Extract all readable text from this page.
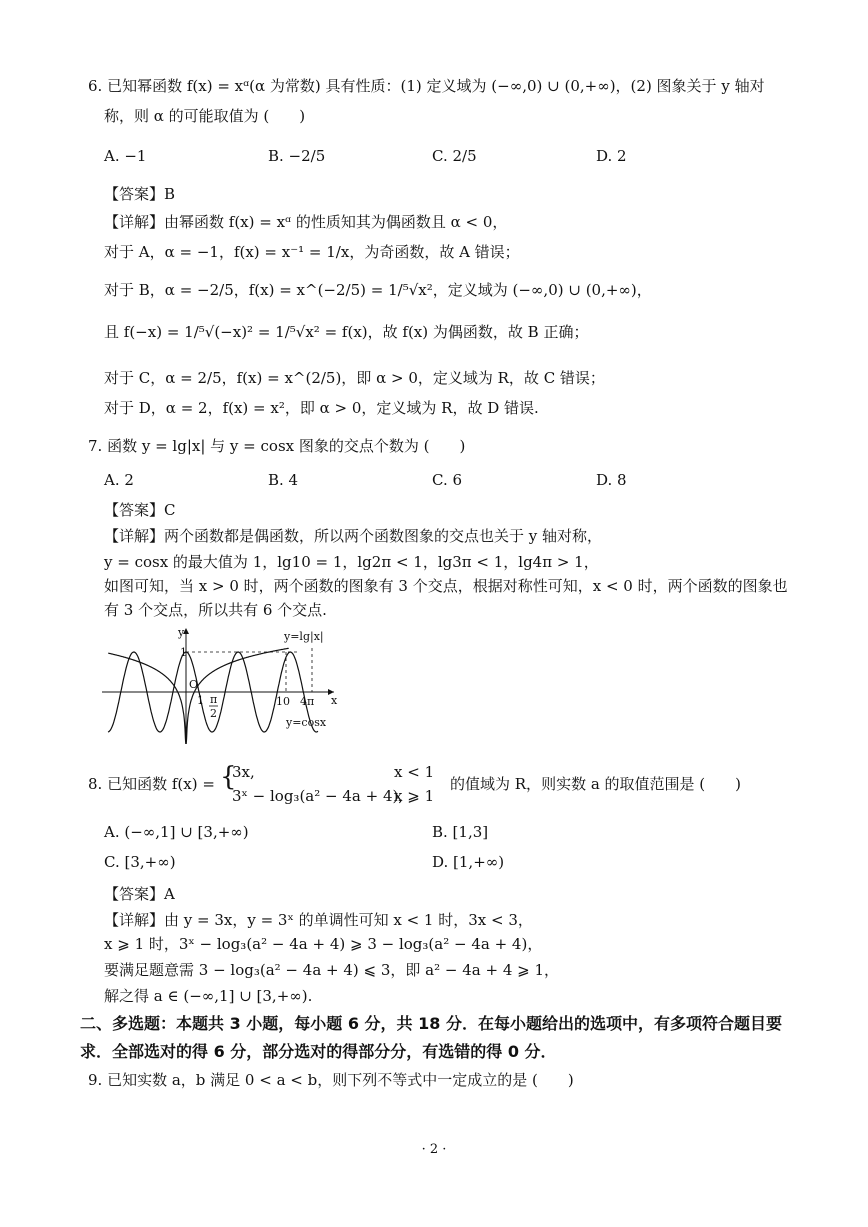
6. 已知幂函数 f(x) = xᵅ(α 为常数) 具有性质：(1) 定义域为 (−∞,0) ∪ (0,+∞)，(2) 图象关于 y 轴对
称，则 α 的可能取值为 (　　)
A. −1	B. −2/5	C. 2/5	D. 2
【答案】B
【详解】由幂函数 f(x) = xᵅ 的性质知其为偶函数且 α < 0，
对于 A，α = −1，f(x) = x⁻¹ = 1/x，为奇函数，故 A 错误；
对于 B，α = −2/5，f(x) = x^(−2/5) = 1/⁵√x²，定义域为 (−∞,0) ∪ (0,+∞)，
且 f(−x) = 1/⁵√(−x)² = 1/⁵√x² = f(x)，故 f(x) 为偶函数，故 B 正确；
对于 C，α = 2/5，f(x) = x^(2/5)，即 α > 0，定义域为 R，故 C 错误；
对于 D，α = 2，f(x) = x²，即 α > 0，定义域为 R，故 D 错误.
7. 函数 y = lg|x| 与 y = cosx 图象的交点个数为 (　　)
A. 2	B. 4	C. 6	D. 8
【答案】C
【详解】两个函数都是偶函数，所以两个函数图象的交点也关于 y 轴对称，
y = cosx 的最大值为 1，lg10 = 1，lg2π < 1，lg3π < 1，lg4π > 1，
如图可知，当 x > 0 时，两个函数的图象有 3 个交点，根据对称性可知，x < 0 时，两个函数的图象也
有 3 个交点，所以共有 6 个交点.
y
x
O
1
1 π
2
10 4π
y=lg|x|
y=cosx
8. 已知函数 f(x) = {
3x,	x < 1
3ˣ − log₃(a² − 4a + 4),
x ⩾ 1
的值域为 R，则实数 a 的取值范围是 (　　)
A. (−∞,1] ∪ [3,+∞)	B. [1,3]
C. [3,+∞)	D. [1,+∞)
【答案】A
【详解】由 y = 3x，y = 3ˣ 的单调性可知 x < 1 时，3x < 3，
x ⩾ 1 时，3ˣ − log₃(a² − 4a + 4) ⩾ 3 − log₃(a² − 4a + 4)，
要满足题意需 3 − log₃(a² − 4a + 4) ⩽ 3，即 a² − 4a + 4 ⩾ 1，
解之得 a ∈ (−∞,1] ∪ [3,+∞).
二、多选题：本题共 3 小题，每小题 6 分，共 18 分．在每小题给出的选项中，有多项符合题目要
求．全部选对的得 6 分，部分选对的得部分分，有选错的得 0 分．
9. 已知实数 a，b 满足 0 < a < b，则下列不等式中一定成立的是 (　　)
· 2 ·
